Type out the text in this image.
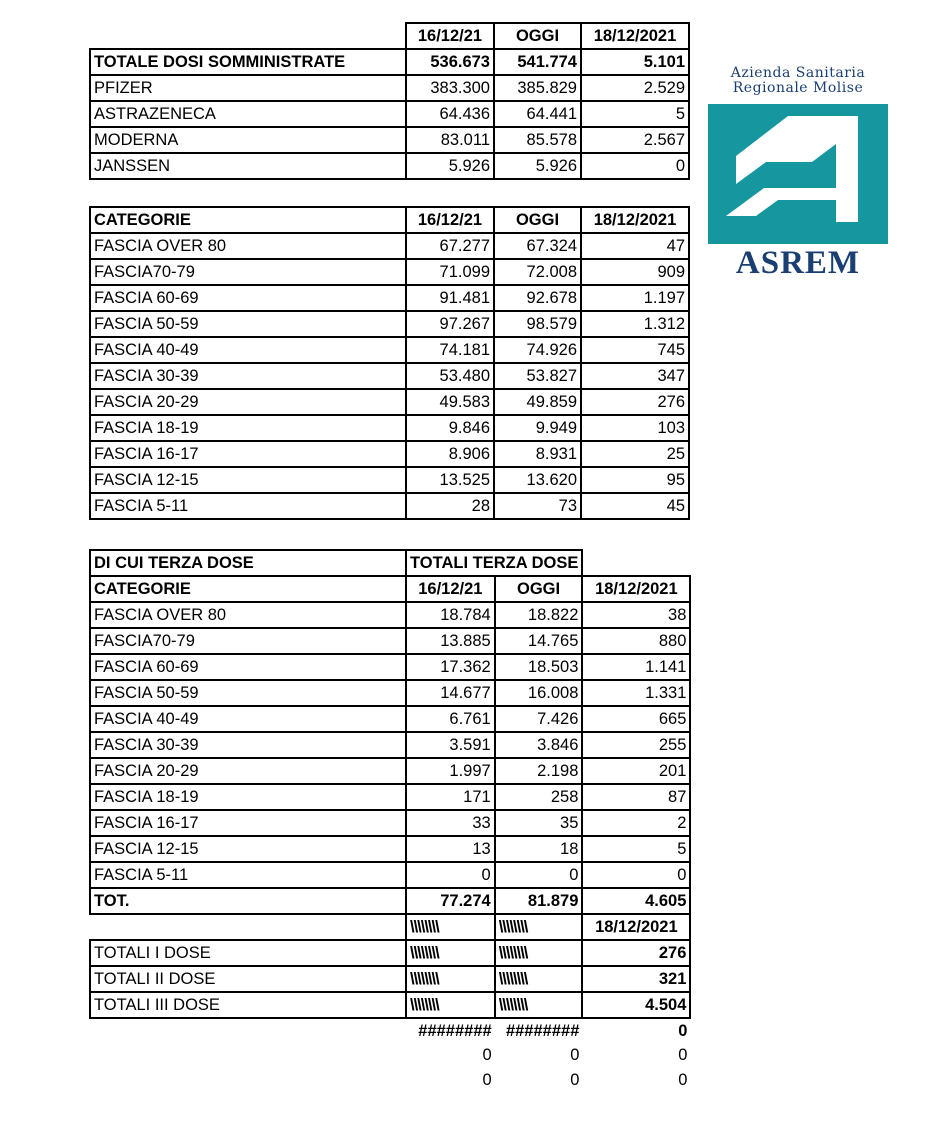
	16/12/21	OGGI	18/12/2021
TOTALE DOSI SOMMINISTRATE	536.673	541.774	5.101
PFIZER	383.300	385.829	2.529
ASTRAZENECA	64.436	64.441	5
MODERNA	83.011	85.578	2.567
JANSSEN	5.926	5.926	0
CATEGORIE	16/12/21	OGGI	18/12/2021
FASCIA OVER 80	67.277	67.324	47
FASCIA70-79	71.099	72.008	909
FASCIA 60-69	91.481	92.678	1.197
FASCIA 50-59	97.267	98.579	1.312
FASCIA 40-49	74.181	74.926	745
FASCIA 30-39	53.480	53.827	347
FASCIA 20-29	49.583	49.859	276
FASCIA 18-19	9.846	9.949	103
FASCIA 16-17	8.906	8.931	25
FASCIA 12-15	13.525	13.620	95
FASCIA 5-11	28	73	45
DI CUI TERZA DOSE	TOTALI TERZA DOSE		
CATEGORIE	16/12/21	OGGI	18/12/2021
FASCIA OVER 80	18.784	18.822	38
FASCIA70-79	13.885	14.765	880
FASCIA 60-69	17.362	18.503	1.141
FASCIA 50-59	14.677	16.008	1.331
FASCIA 40-49	6.761	7.426	665
FASCIA 30-39	3.591	3.846	255
FASCIA 20-29	1.997	2.198	201
FASCIA 18-19	171	258	87
FASCIA 16-17	33	35	2
FASCIA 12-15	13	18	5
FASCIA 5-11	0	0	0
TOT.	77.274	81.879	4.605
	\\\\\\\\	\\\\\\\\	18/12/2021
TOTALI I DOSE	\\\\\\\\	\\\\\\\\	276
TOTALI II DOSE	\\\\\\\\	\\\\\\\\	321
TOTALI III DOSE	\\\\\\\\	\\\\\\\\	4.504
	########	########	0
	0	0	0
	0	0	0
Azienda Sanitaria
Regionale Molise
ASREM
